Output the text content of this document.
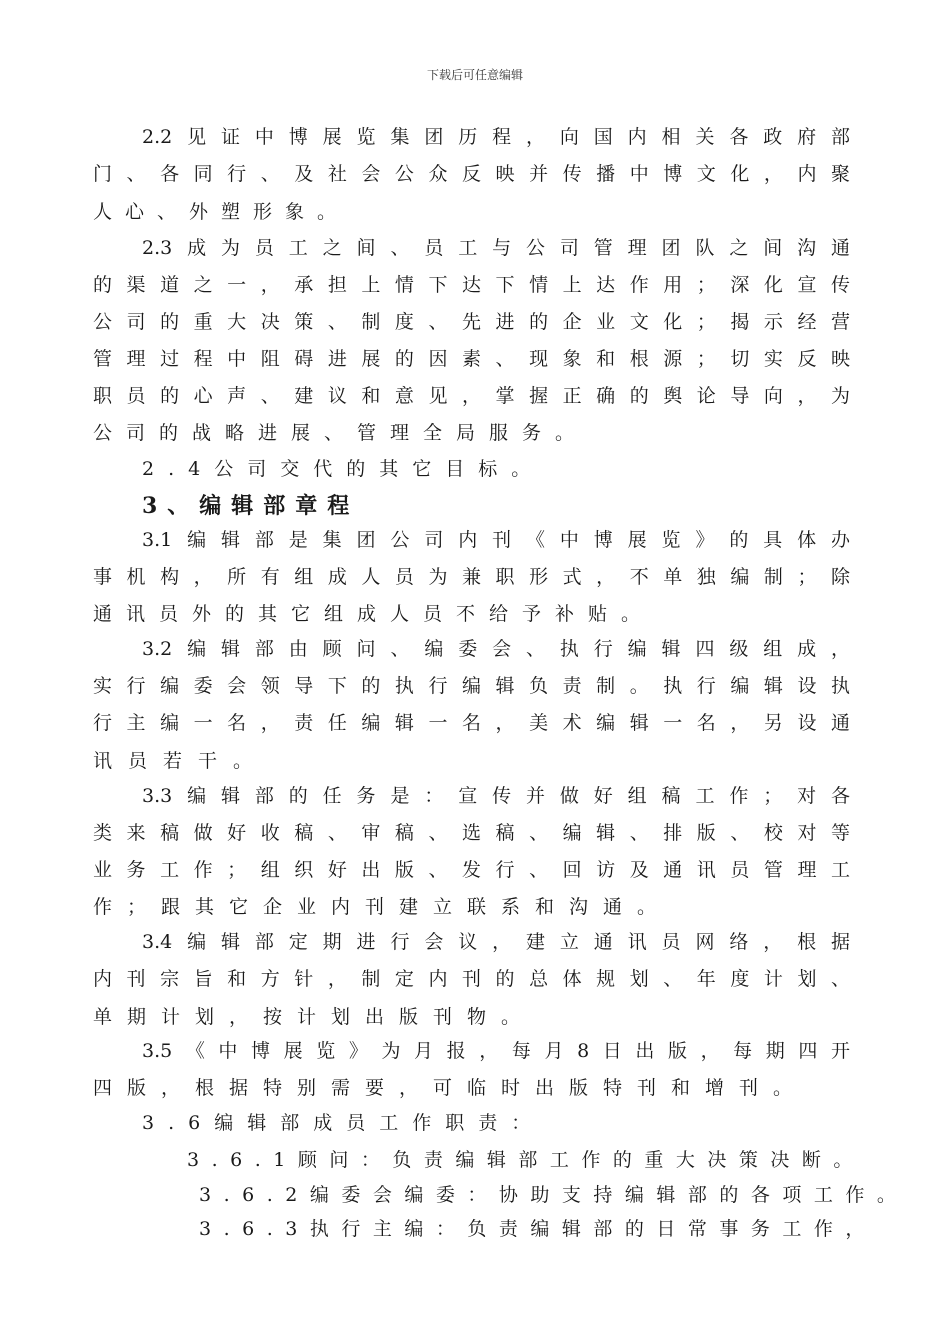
下载后可任意编辑
2.2见证中博展览集团历程，向国内相关各政府部
门、各同行、及社会公众反映并传播中博文化，内聚
人心、外塑形象。
2.3成为员工之间、员工与公司管理团队之间沟通
的渠道之一，承担上情下达下情上达作用；深化宣传
公司的重大决策、制度、先进的企业文化；揭示经营
管理过程中阻碍进展的因素、现象和根源；切实反映
职员的心声、建议和意见，掌握正确的舆论导向，为
公司的战略进展、管理全局服务。
2.4公司交代的其它目标。
3、编辑部章程
3.1编辑部是集团公司内刊《中博展览》的具体办
事机构，所有组成人员为兼职形式，不单独编制；除
通讯员外的其它组成人员不给予补贴。
3.2编辑部由顾问、编委会、执行编辑四级组成，
实行编委会领导下的执行编辑负责制。执行编辑设执
行主编一名，责任编辑一名，美术编辑一名，另设通
讯员若干。
3.3编辑部的任务是：宣传并做好组稿工作；对各
类来稿做好收稿、审稿、选稿、编辑、排版、校对等
业务工作；组织好出版、发行、回访及通讯员管理工
作；跟其它企业内刊建立联系和沟通。
3.4编辑部定期进行会议，建立通讯员网络，根据
内刊宗旨和方针，制定内刊的总体规划、年度计划、
单期计划，按计划出版刊物。
3.5《中博展览》为月报，每月8日出版，每期四开
四版，根据特别需要，可临时出版特刊和增刊。
3.6编辑部成员工作职责：
3.6.1顾问：负责编辑部工作的重大决策决断。
3.6.2编委会编委：协助支持编辑部的各项工作。
3.6.3执行主编：负责编辑部的日常事务工作，
